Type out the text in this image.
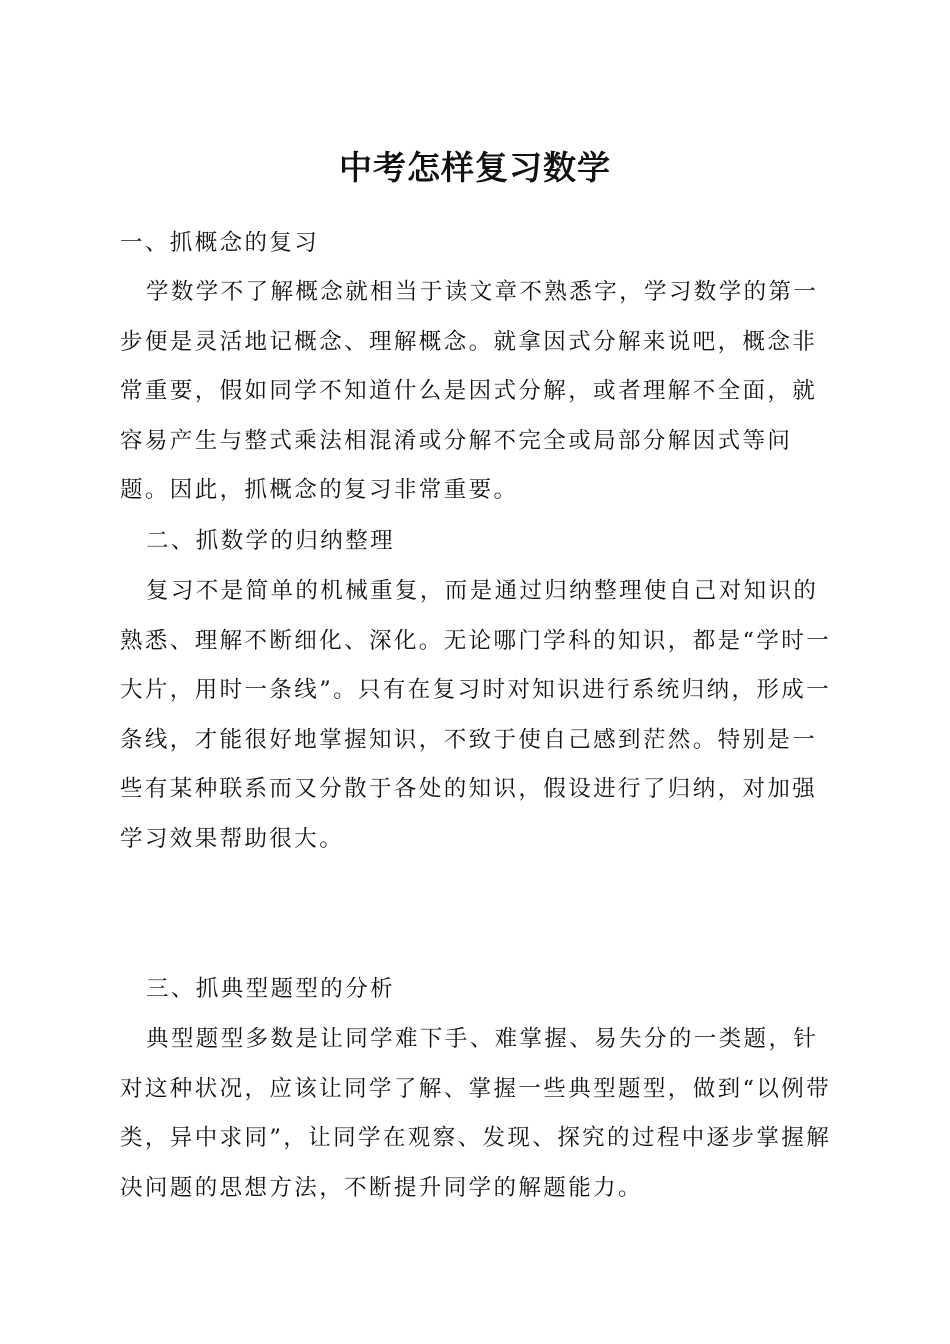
中考怎样复习数学

一、抓概念的复习

学数学不了解概念就相当于读文章不熟悉字，学习数学的第一步便是灵活地记概念、理解概念。就拿因式分解来说吧，概念非常重要，假如同学不知道什么是因式分解，或者理解不全面，就容易产生与整式乘法相混淆或分解不完全或局部分解因式等问题。因此，抓概念的复习非常重要。

二、抓数学的归纳整理

复习不是简单的机械重复，而是通过归纳整理使自己对知识的熟悉、理解不断细化、深化。无论哪门学科的知识，都是“学时一大片，用时一条线”。只有在复习时对知识进行系统归纳，形成一条线，才能很好地掌握知识，不致于使自己感到茫然。特别是一些有某种联系而又分散于各处的知识，假设进行了归纳，对加强学习效果帮助很大。

三、抓典型题型的分析

典型题型多数是让同学难下手、难掌握、易失分的一类题，针对这种状况，应该让同学了解、掌握一些典型题型，做到“以例带类，异中求同”，让同学在观察、发现、探究的过程中逐步掌握解决问题的思想方法，不断提升同学的解题能力。
